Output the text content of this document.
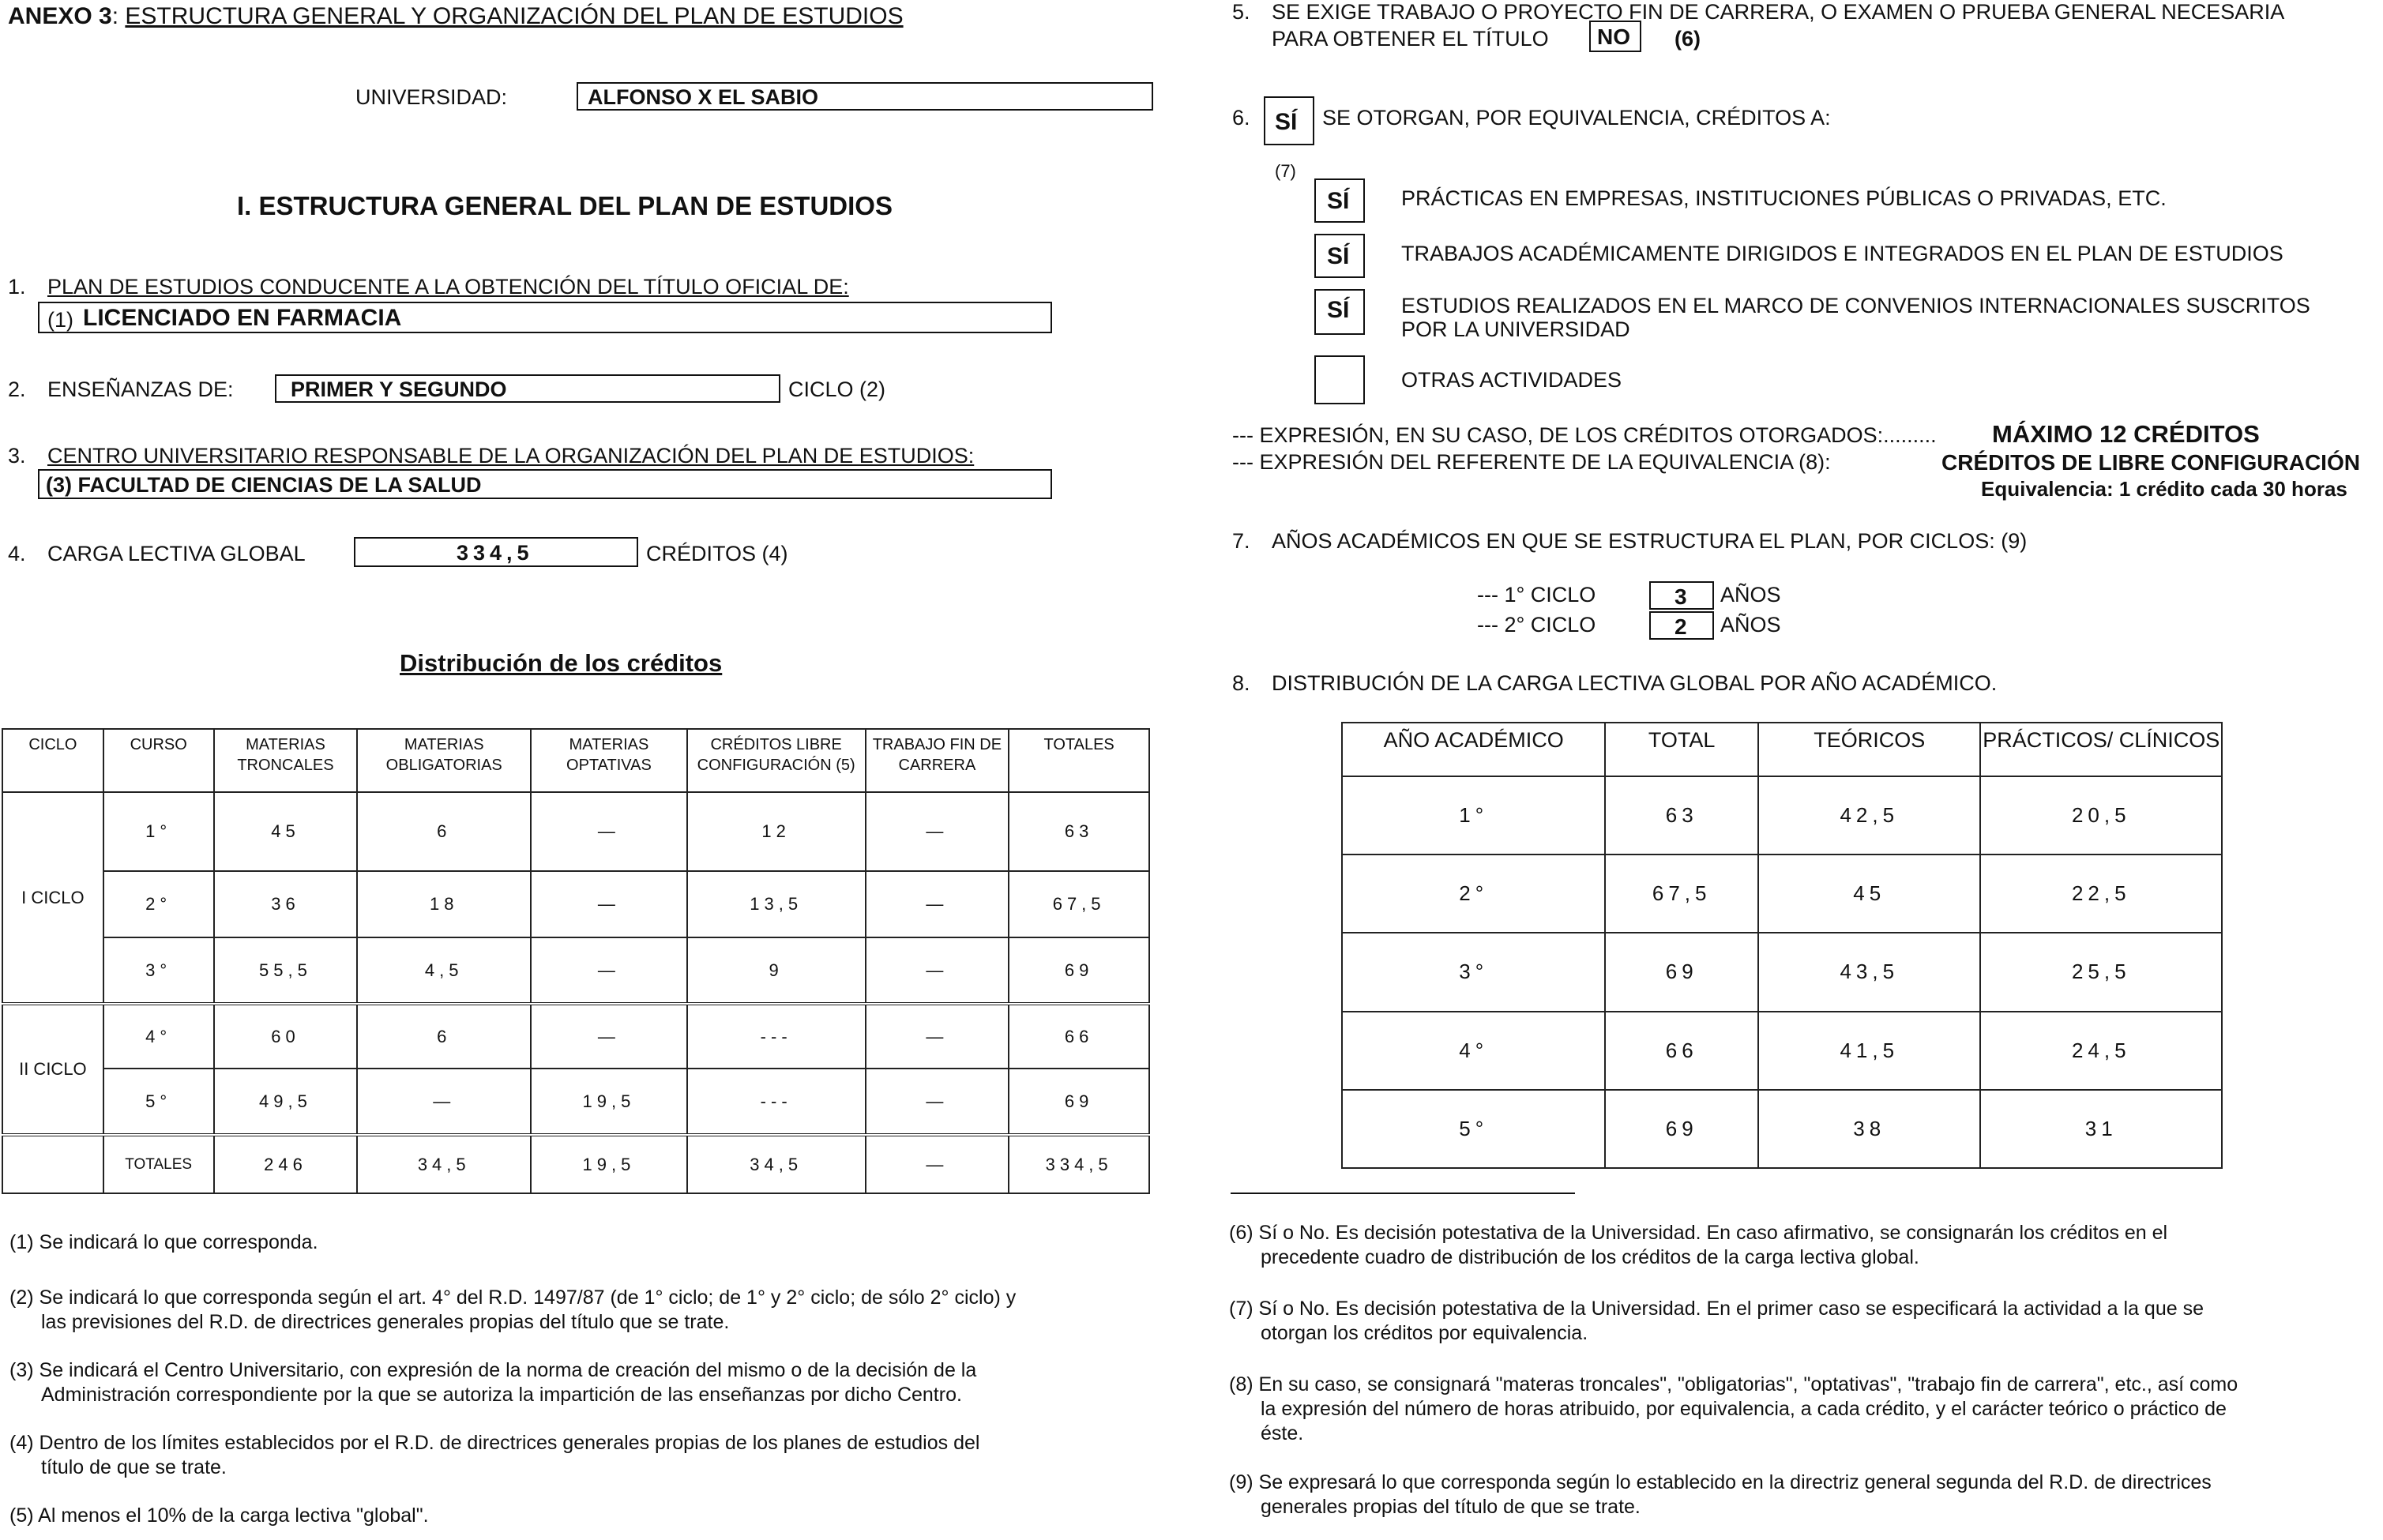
ANEXO 3: ESTRUCTURA GENERAL Y ORGANIZACIÓN DEL PLAN DE ESTUDIOS
UNIVERSIDAD:	ALFONSO X EL SABIO
I. ESTRUCTURA GENERAL DEL PLAN DE ESTUDIOS
1. PLAN DE ESTUDIOS CONDUCENTE A LA OBTENCIÓN DEL TÍTULO OFICIAL DE:
(1) LICENCIADO EN FARMACIA
2. ENSEÑANZAS DE:	PRIMER Y SEGUNDO	CICLO (2)
3. CENTRO UNIVERSITARIO RESPONSABLE DE LA ORGANIZACIÓN DEL PLAN DE ESTUDIOS:
(3) FACULTAD DE CIENCIAS DE LA SALUD
4. CARGA LECTIVA GLOBAL	334,5	CRÉDITOS (4)
Distribución de los créditos
CICLO	CURSO	MATERIAS TRONCALES	MATERIAS OBLIGATORIAS	MATERIAS OPTATIVAS	CRÉDITOS LIBRE CONFIGURACIÓN (5)	TRABAJO FIN DE CARRERA	TOTALES
I CICLO	1°	45	6	—	12	—	63
	2°	36	18	—	13,5	—	67,5
	3°	55,5	4,5	—	9	—	69
II CICLO	4°	60	6	—	---	—	66
	5°	49,5	—	19,5	---	—	69
	TOTALES	246	34,5	19,5	34,5	—	334,5
(1) Se indicará lo que corresponda.
(2) Se indicará lo que corresponda según el art. 4° del R.D. 1497/87 (de 1° ciclo; de 1° y 2° ciclo; de sólo 2° ciclo) y
las previsiones del R.D. de directrices generales propias del título que se trate.
(3) Se indicará el Centro Universitario, con expresión de la norma de creación del mismo o de la decisión de la
Administración correspondiente por la que se autoriza la impartición de las enseñanzas por dicho Centro.
(4) Dentro de los límites establecidos por el R.D. de directrices generales propias de los planes de estudios del
título de que se trate.
(5) Al menos el 10% de la carga lectiva "global".
5. SE EXIGE TRABAJO O PROYECTO FIN DE CARRERA, O EXAMEN O PRUEBA GENERAL NECESARIA
PARA OBTENER EL TÍTULO NO (6)
6. SÍ SE OTORGAN, POR EQUIVALENCIA, CRÉDITOS A:
(7)
SÍ PRÁCTICAS EN EMPRESAS, INSTITUCIONES PÚBLICAS O PRIVADAS, ETC.
SÍ TRABAJOS ACADÉMICAMENTE DIRIGIDOS E INTEGRADOS EN EL PLAN DE ESTUDIOS
SÍ ESTUDIOS REALIZADOS EN EL MARCO DE CONVENIOS INTERNACIONALES SUSCRITOS
POR LA UNIVERSIDAD
OTRAS ACTIVIDADES
--- EXPRESIÓN, EN SU CASO, DE LOS CRÉDITOS OTORGADOS:......... MÁXIMO 12 CRÉDITOS
--- EXPRESIÓN DEL REFERENTE DE LA EQUIVALENCIA (8):	CRÉDITOS DE LIBRE CONFIGURACIÓN
Equivalencia: 1 crédito cada 30 horas
7. AÑOS ACADÉMICOS EN QUE SE ESTRUCTURA EL PLAN, POR CICLOS: (9)
--- 1° CICLO	3 AÑOS
--- 2° CICLO	2 AÑOS
8. DISTRIBUCIÓN DE LA CARGA LECTIVA GLOBAL POR AÑO ACADÉMICO.
AÑO ACADÉMICO	TOTAL	TEÓRICOS	PRÁCTICOS/ CLÍNICOS
1°	63	42,5	20,5
2°	67,5	45	22,5
3°	69	43,5	25,5
4°	66	41,5	24,5
5°	69	38	31
(6) Sí o No. Es decisión potestativa de la Universidad. En caso afirmativo, se consignarán los créditos en el
precedente cuadro de distribución de los créditos de la carga lectiva global.
(7) Sí o No. Es decisión potestativa de la Universidad. En el primer caso se especificará la actividad a la que se
otorgan los créditos por equivalencia.
(8) En su caso, se consignará "materas troncales", "obligatorias", "optativas", "trabajo fin de carrera", etc., así como
la expresión del número de horas atribuido, por equivalencia, a cada crédito, y el carácter teórico o práctico de
éste.
(9) Se expresará lo que corresponda según lo establecido en la directriz general segunda del R.D. de directrices
generales propias del título de que se trate.
